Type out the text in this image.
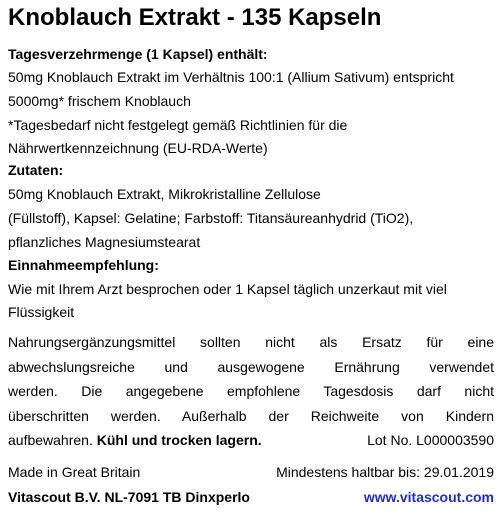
Knoblauch Extrakt - 135 Kapseln
Tagesverzehrmenge (1 Kapsel) enthält:
50mg Knoblauch Extrakt im Verhältnis 100:1 (Allium Sativum) entspricht
5000mg* frischem Knoblauch
*Tagesbedarf nicht festgelegt gemäß Richtlinien für die
Nährwertkennzeichnung (EU-RDA-Werte)
Zutaten:
50mg Knoblauch Extrakt, Mikrokristalline Zellulose
(Füllstoff), Kapsel: Gelatine; Farbstoff: Titansäureanhydrid (TiO2),
pflanzliches Magnesiumstearat
Einnahmeempfehlung:
Wie mit Ihrem Arzt besprochen oder 1 Kapsel täglich unzerkaut mit viel
Flüssigkeit
Nahrungsergänzungsmittel sollten nicht als Ersatz für eine
abwechslungsreiche und ausgewogene Ernährung verwendet
werden. Die angegebene empfohlene Tagesdosis darf nicht
überschritten werden. Außerhalb der Reichweite von Kindern
aufbewahren. Kühl und trocken lagern.	Lot No. L000003590
Made in Great Britain	Mindestens haltbar bis: 29.01.2019
Vitascout B.V. NL-7091 TB Dinxperlo	www.vitascout.com
